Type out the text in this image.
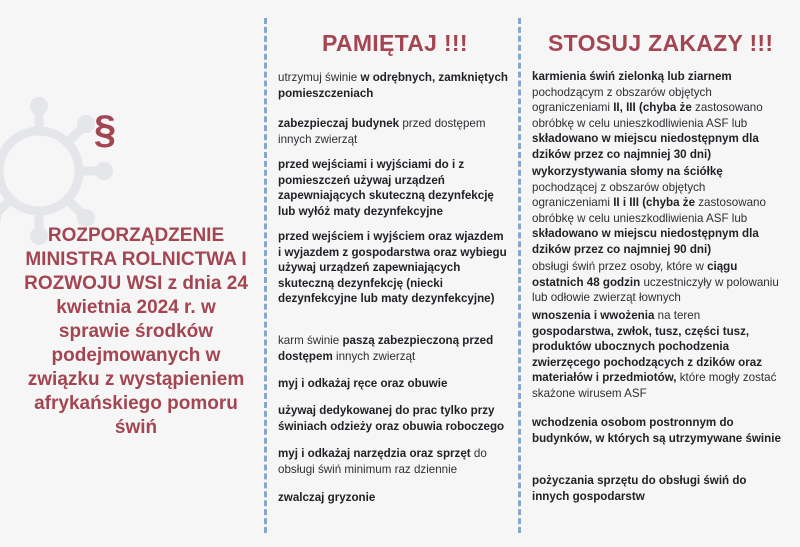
§
ROZPORZĄDZENIE MINISTRA ROLNICTWA I ROZWOJU WSI z dnia 24 kwietnia 2024 r. w sprawie środków podejmowanych w związku z wystąpieniem afrykańskiego pomoru świń
PAMIĘTAJ !!!

utrzymuj świnie w odrębnych, zamkniętych pomieszczeniach

zabezpieczaj budynek przed dostępem innych zwierząt

przed wejściami i wyjściami do i z pomieszczeń używaj urządzeń zapewniających skuteczną dezynfekcję lub wyłóż maty dezynfekcyjne

przed wejściem i wyjściem oraz wjazdem i wyjazdem z gospodarstwa oraz wybiegu używaj urządzeń zapewniających skuteczną dezynfekcję (niecki dezynfekcyjne lub maty dezynfekcyjne)

karm świnie paszą zabezpieczoną przed dostępem innych zwierząt

myj i odkażaj ręce oraz obuwie

używaj dedykowanej do prac tylko przy świniach odzieży oraz obuwia roboczego

myj i odkażaj narzędzia oraz sprzęt do obsługi świń minimum raz dziennie

zwalczaj gryzonie

STOSUJ ZAKAZY !!!

karmienia świń zielonką lub ziarnem pochodzącym z obszarów objętych ograniczeniami II, III (chyba że zastosowano obróbkę w celu unieszkodliwienia ASF lub składowano w miejscu niedostępnym dla dzików przez co najmniej 30 dni)

wykorzystywania słomy na ściółkę pochodzącej z obszarów objętych ograniczeniami II i III (chyba że zastosowano obróbkę w celu unieszkodliwienia ASF lub składowano w miejscu niedostępnym dla dzików przez co najmniej 90 dni)

obsługi świń przez osoby, które w ciągu ostatnich 48 godzin uczestniczyły w polowaniu lub odłowie zwierząt łownych

wnoszenia i wwożenia na teren gospodarstwa, zwłok, tusz, części tusz, produktów ubocznych pochodzenia zwierzęcego pochodzących z dzików oraz materiałów i przedmiotów, które mogły zostać skażone wirusem ASF

wchodzenia osobom postronnym do budynków, w których są utrzymywane świnie

pożyczania sprzętu do obsługi świń do innych gospodarstw
